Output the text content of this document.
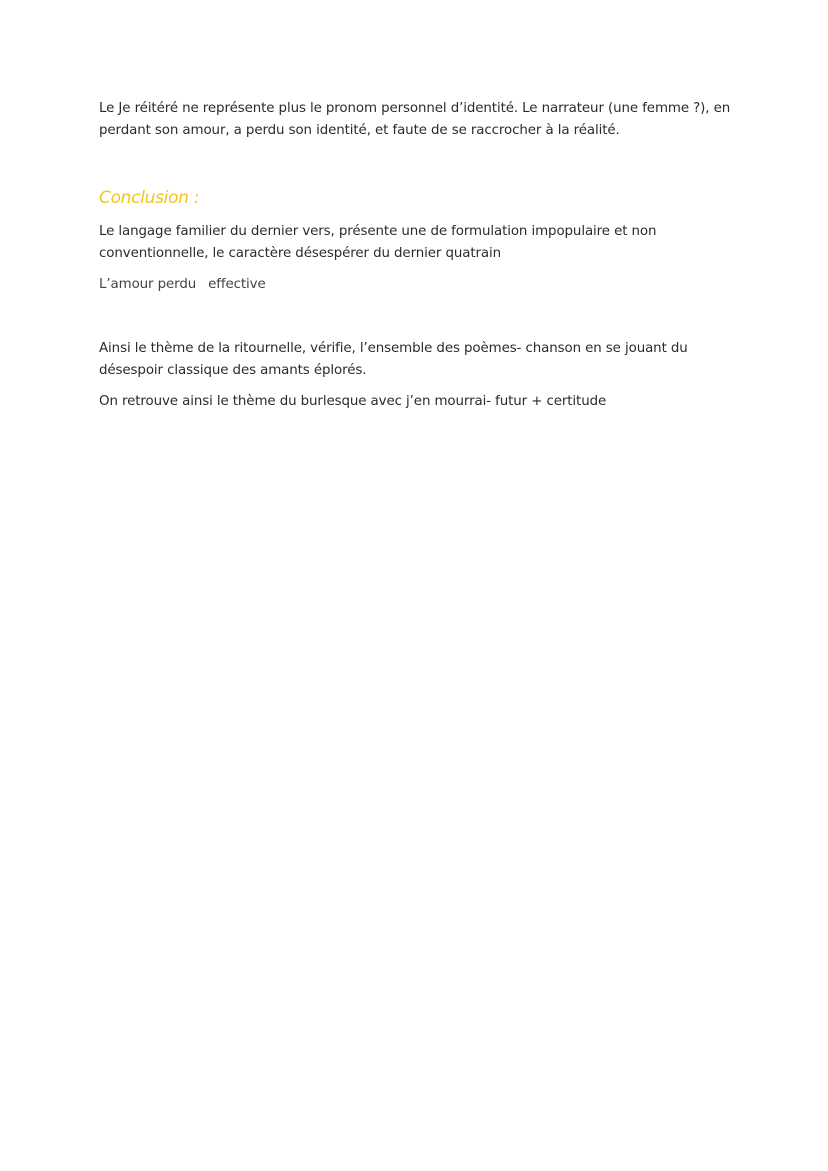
Le Je réitéré ne représente plus le pronom personnel d’identité. Le narrateur (une femme ?), en perdant son amour, a perdu son identité, et faute de se raccrocher à la réalité.

Conclusion :

Le langage familier du dernier vers, présente une de formulation impopulaire et non conventionnelle, le caractère désespérer du dernier quatrain

L’amour perdu effective

Ainsi le thème de la ritournelle, vérifie, l’ensemble des poèmes- chanson en se jouant du désespoir classique des amants éplorés.

On retrouve ainsi le thème du burlesque avec j’en mourrai- futur + certitude
